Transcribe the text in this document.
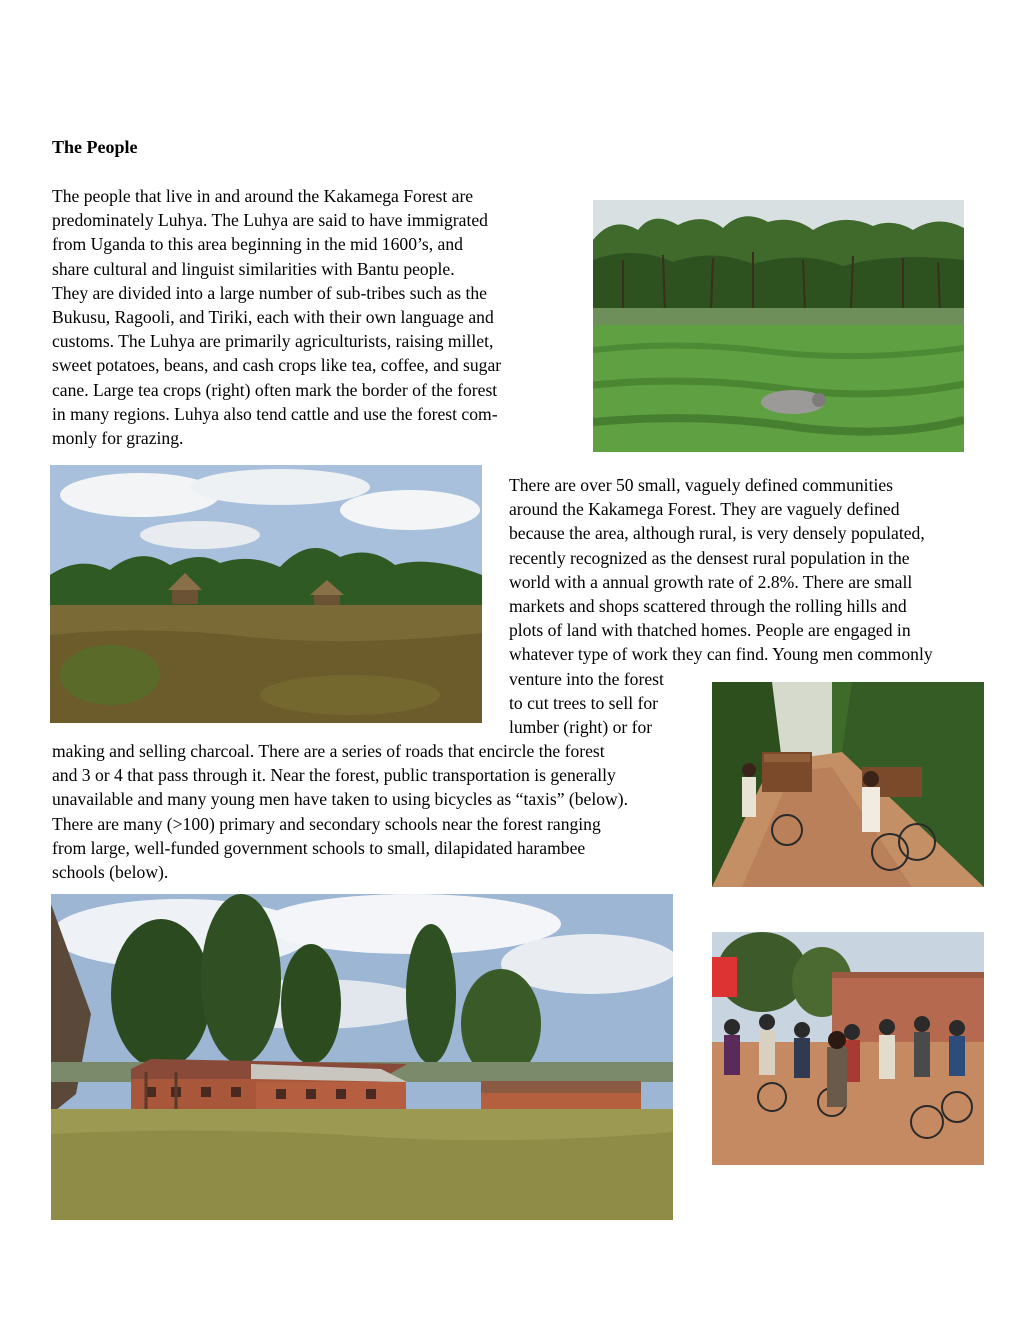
The People
The people that live in and around the Kakamega Forest are
predominately Luhya. The Luhya are said to have immigrated
from Uganda to this area beginning in the mid 1600’s, and
share cultural and linguist similarities with Bantu people.
They are divided into a large number of sub-tribes such as the
Bukusu, Ragooli, and Tiriki, each with their own language and
customs. The Luhya are primarily agriculturists, raising millet,
sweet potatoes, beans, and cash crops like tea, coffee, and sugar
cane. Large tea crops (right) often mark the border of the forest
in many regions. Luhya also tend cattle and use the forest com-
monly for grazing.
There are over 50 small, vaguely defined communities
around the Kakamega Forest. They are vaguely defined
because the area, although rural, is very densely populated,
recently recognized as the densest rural population in the
world with a annual growth rate of 2.8%. There are small
markets and shops scattered through the rolling hills and
plots of land with thatched homes. People are engaged in
whatever type of work they can find. Young men commonly
venture into the forest
to cut trees to sell for
lumber (right) or for
making and selling charcoal. There are a series of roads that encircle the forest
and 3 or 4 that pass through it. Near the forest, public transportation is generally
unavailable and many young men have taken to using bicycles as “taxis” (below).
There are many (>100) primary and secondary schools near the forest ranging
from large, well-funded government schools to small, dilapidated harambee
schools (below).
